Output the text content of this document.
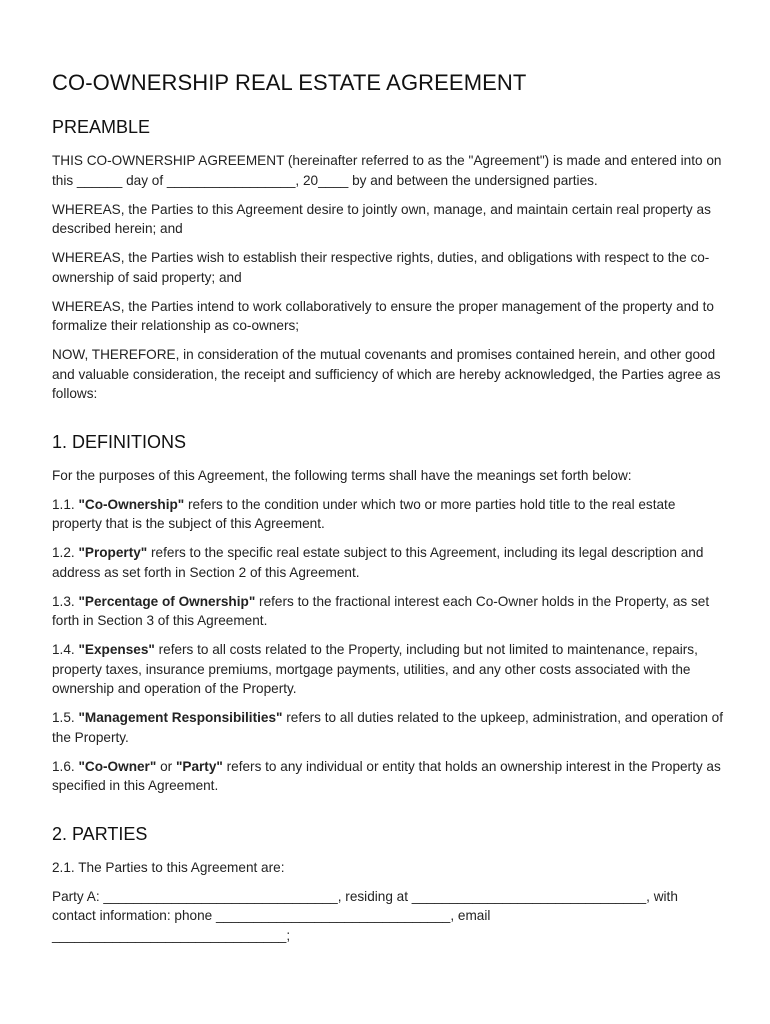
CO-OWNERSHIP REAL ESTATE AGREEMENT
PREAMBLE

THIS CO-OWNERSHIP AGREEMENT (hereinafter referred to as the "Agreement") is made and entered into on this ______ day of _________________, 20____ by and between the undersigned parties.

WHEREAS, the Parties to this Agreement desire to jointly own, manage, and maintain certain real property as described herein; and

WHEREAS, the Parties wish to establish their respective rights, duties, and obligations with respect to the co-ownership of said property; and

WHEREAS, the Parties intend to work collaboratively to ensure the proper management of the property and to formalize their relationship as co-owners;

NOW, THEREFORE, in consideration of the mutual covenants and promises contained herein, and other good and valuable consideration, the receipt and sufficiency of which are hereby acknowledged, the Parties agree as follows:

1. DEFINITIONS

For the purposes of this Agreement, the following terms shall have the meanings set forth below:

1.1. "Co-Ownership" refers to the condition under which two or more parties hold title to the real estate property that is the subject of this Agreement.

1.2. "Property" refers to the specific real estate subject to this Agreement, including its legal description and address as set forth in Section 2 of this Agreement.

1.3. "Percentage of Ownership" refers to the fractional interest each Co-Owner holds in the Property, as set forth in Section 3 of this Agreement.

1.4. "Expenses" refers to all costs related to the Property, including but not limited to maintenance, repairs, property taxes, insurance premiums, mortgage payments, utilities, and any other costs associated with the ownership and operation of the Property.

1.5. "Management Responsibilities" refers to all duties related to the upkeep, administration, and operation of the Property.

1.6. "Co-Owner" or "Party" refers to any individual or entity that holds an ownership interest in the Property as specified in this Agreement.

2. PARTIES

2.1. The Parties to this Agreement are:

Party A: _______________________________, residing at _______________________________, with contact information: phone _______________________________, email _______________________________;
